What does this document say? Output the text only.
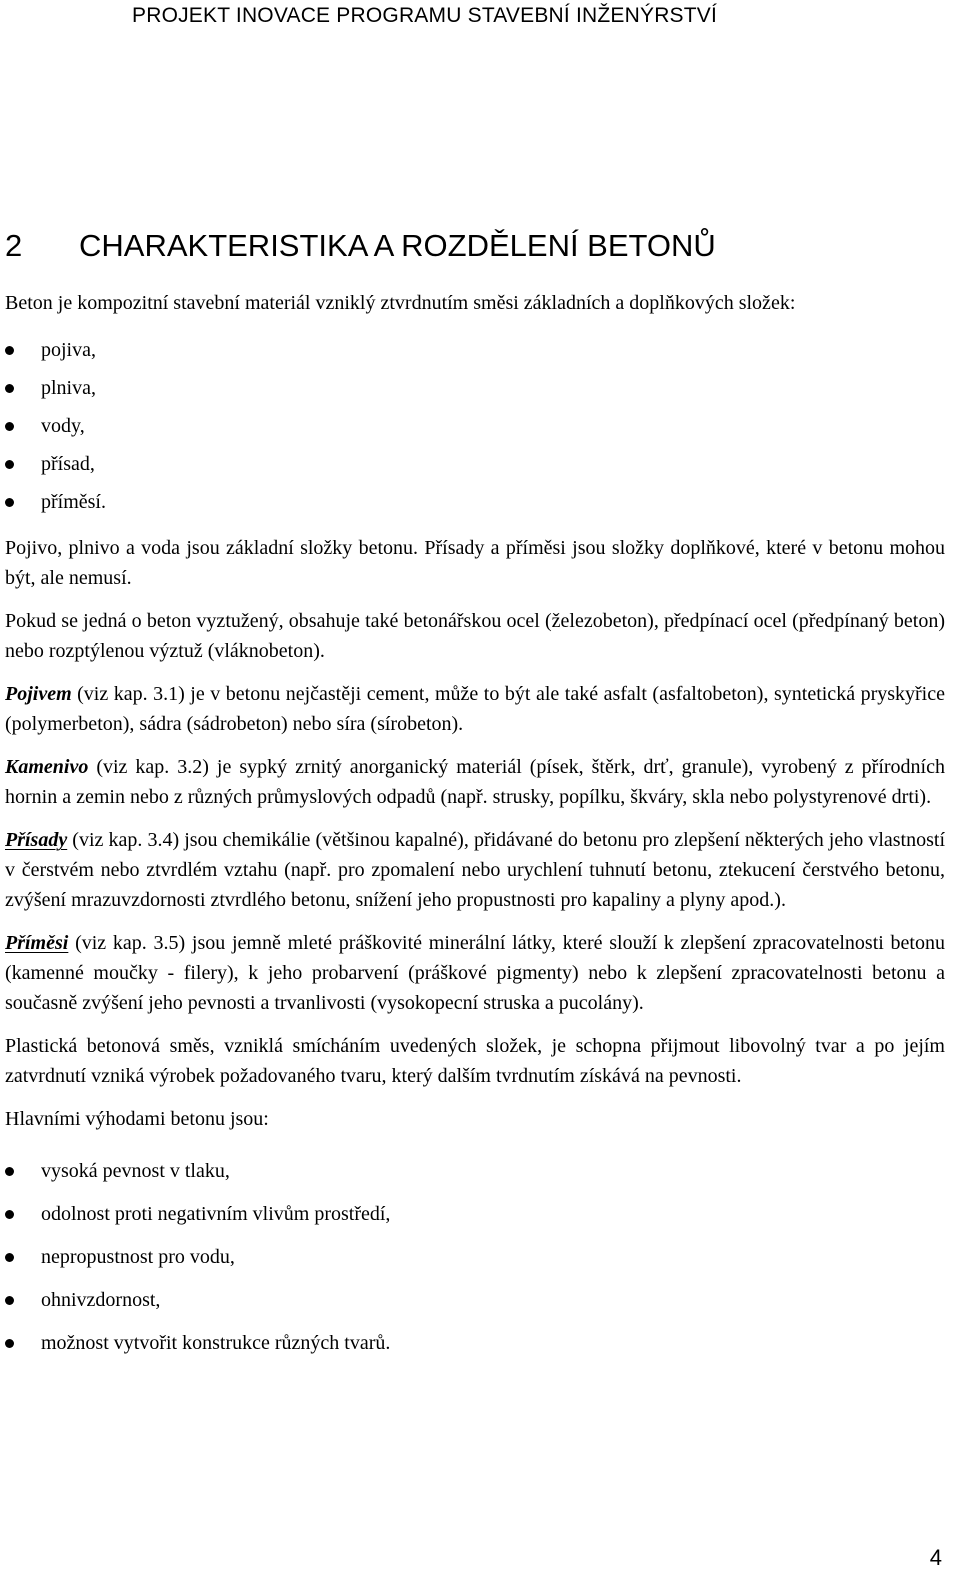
PROJEKT INOVACE PROGRAMU STAVEBNÍ INŽENÝRSTVÍ
2 CHARAKTERISTIKA A ROZDĚLENÍ BETONŮ

Beton je kompozitní stavební materiál vzniklý ztvrdnutím směsi základních a doplňkových složek:

pojiva,
plniva,
vody,
přísad,
příměsí.

Pojivo, plnivo a voda jsou základní složky betonu. Přísady a příměsi jsou složky doplňkové, které v betonu mohou být, ale nemusí.

Pokud se jedná o beton vyztužený, obsahuje také betonářskou ocel (železobeton), předpínací ocel (předpínaný beton) nebo rozptýlenou výztuž (vláknobeton).

Pojivem (viz kap. 3.1) je v betonu nejčastěji cement, může to být ale také asfalt (asfaltobeton), syntetická pryskyřice (polymerbeton), sádra (sádrobeton) nebo síra (sírobeton).

Kamenivo (viz kap. 3.2) je sypký zrnitý anorganický materiál (písek, štěrk, drť, granule), vyrobený z přírodních hornin a zemin nebo z různých průmyslových odpadů (např. strusky, popílku, škváry, skla nebo polystyrenové drti).

Přísady (viz kap. 3.4) jsou chemikálie (většinou kapalné), přidávané do betonu pro zlepšení některých jeho vlastností v čerstvém nebo ztvrdlém vztahu (např. pro zpomalení nebo urychlení tuhnutí betonu, ztekucení čerstvého betonu, zvýšení mrazuvzdornosti ztvrdlého betonu, snížení jeho propustnosti pro kapaliny a plyny apod.).

Příměsi (viz kap. 3.5) jsou jemně mleté práškovité minerální látky, které slouží k zlepšení zpracovatelnosti betonu (kamenné moučky - filery), k jeho probarvení (práškové pigmenty) nebo k zlepšení zpracovatelnosti betonu a současně zvýšení jeho pevnosti a trvanlivosti (vysokopecní struska a pucolány).

Plastická betonová směs, vzniklá smícháním uvedených složek, je schopna přijmout libovolný tvar a po jejím zatvrdnutí vzniká výrobek požadovaného tvaru, který dalším tvrdnutím získává na pevnosti.

Hlavními výhodami betonu jsou:

vysoká pevnost v tlaku,
odolnost proti negativním vlivům prostředí,
nepropustnost pro vodu,
ohnivzdornost,
možnost vytvořit konstrukce různých tvarů.
4
